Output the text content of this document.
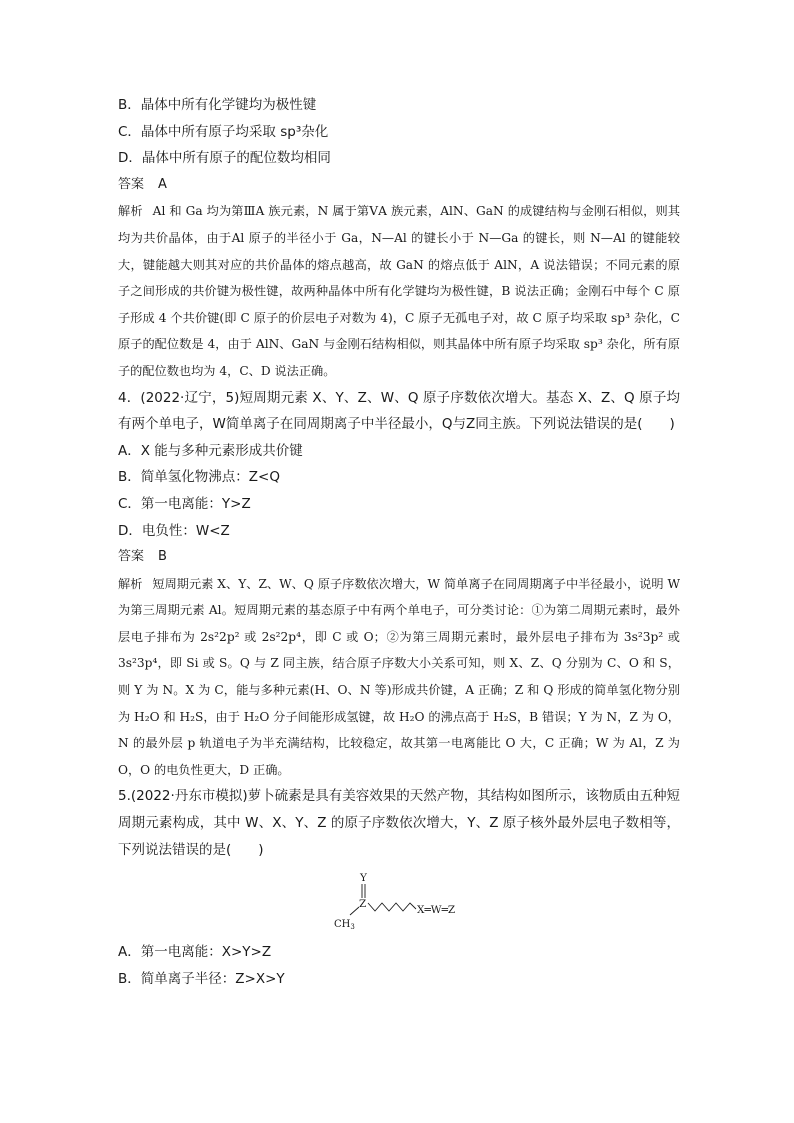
B．晶体中所有化学键均为极性键
C．晶体中所有原子均采取 sp³杂化
D．晶体中所有原子的配位数均相同
答案 A

解析 Al 和 Ga 均为第ⅢA 族元素，N 属于第ⅤA 族元素，AlN、GaN 的成键结构与金刚石相似，则其均为共价晶体，由于Al 原子的半径小于 Ga，N—Al 的键长小于 N—Ga 的键长，则 N—Al 的键能较大，键能越大则其对应的共价晶体的熔点越高，故 GaN 的熔点低于 AlN，A 说法错误；不同元素的原子之间形成的共价键为极性键，故两种晶体中所有化学键均为极性键，B 说法正确；金刚石中每个 C 原子形成 4 个共价键(即 C 原子的价层电子对数为 4)，C 原子无孤电子对，故 C 原子均采取 sp³ 杂化，C 原子的配位数是 4，由于 AlN、GaN 与金刚石结构相似，则其晶体中所有原子均采取 sp³ 杂化，所有原子的配位数也均为 4，C、D 说法正确。

4．(2022·辽宁，5)短周期元素 X、Y、Z、W、Q 原子序数依次增大。基态 X、Z、Q 原子均有两个单电子，W简单离子在同周期离子中半径最小，Q与Z同主族。下列说法错误的是(　　)

A．X 能与多种元素形成共价键
B．简单氢化物沸点：Z<Q
C．第一电离能：Y>Z
D．电负性：W<Z
答案 B

解析 短周期元素 X、Y、Z、W、Q 原子序数依次增大，W 简单离子在同周期离子中半径最小，说明 W 为第三周期元素 Al。短周期元素的基态原子中有两个单电子，可分类讨论：①为第二周期元素时，最外层电子排布为 2s²2p² 或 2s²2p⁴，即 C 或 O；②为第三周期元素时，最外层电子排布为 3s²3p² 或 3s²3p⁴，即 Si 或 S。Q 与 Z 同主族，结合原子序数大小关系可知，则 X、Z、Q 分别为 C、O 和 S，则 Y 为 N。X 为 C，能与多种元素(H、O、N 等)形成共价键，A 正确；Z 和 Q 形成的简单氢化物分别为 H₂O 和 H₂S，由于 H₂O 分子间能形成氢键，故 H₂O 的沸点高于 H₂S，B 错误；Y 为 N，Z 为 O，N 的最外层 p 轨道电子为半充满结构，比较稳定，故其第一电离能比 O 大，C 正确；W 为 Al，Z 为 O，O 的电负性更大，D 正确。

5.(2022·丹东市模拟)萝卜硫素是具有美容效果的天然产物，其结构如图所示，该物质由五种短周期元素构成，其中 W、X、Y、Z 的原子序数依次增大，Y、Z 原子核外最外层电子数相等，下列说法错误的是(　　)

Y
Z
$CH_3$
X═W═Z
A．第一电离能：X>Y>Z
B．简单离子半径：Z>X>Y
